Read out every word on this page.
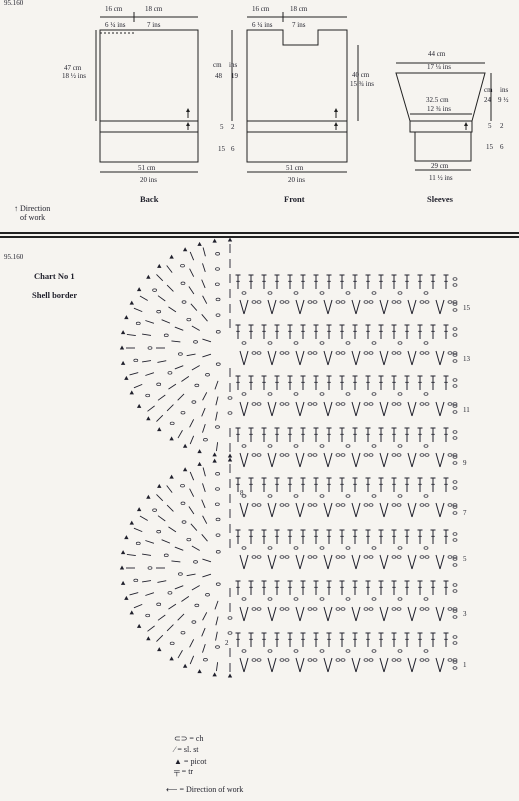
95.160
16 cm
6 ¼ ins
18 cm
7 ins
47 cm
18 ½ ins
51 cm
20 ins
Back
16 cm
6 ¼ ins
18 cm
7 ins
cm ins
48 19
5 2
15 6
40 cm
15 ¾ ins
51 cm
20 ins
Front
44 cm
17 ¼ ins
cm ins
24 9 ½
32.5 cm
12 ¾ ins
5 2
15 6
29 cm
11 ½ ins
Sleeves
↑ Direction
of work
95.160
Chart No 1
Shell border
15
13
11
9
7
5
3
1
8
2
⊂⊃ = ch
⁄ = sl. st
▲ = picot
╤ = tr
⟵ = Direction of work
